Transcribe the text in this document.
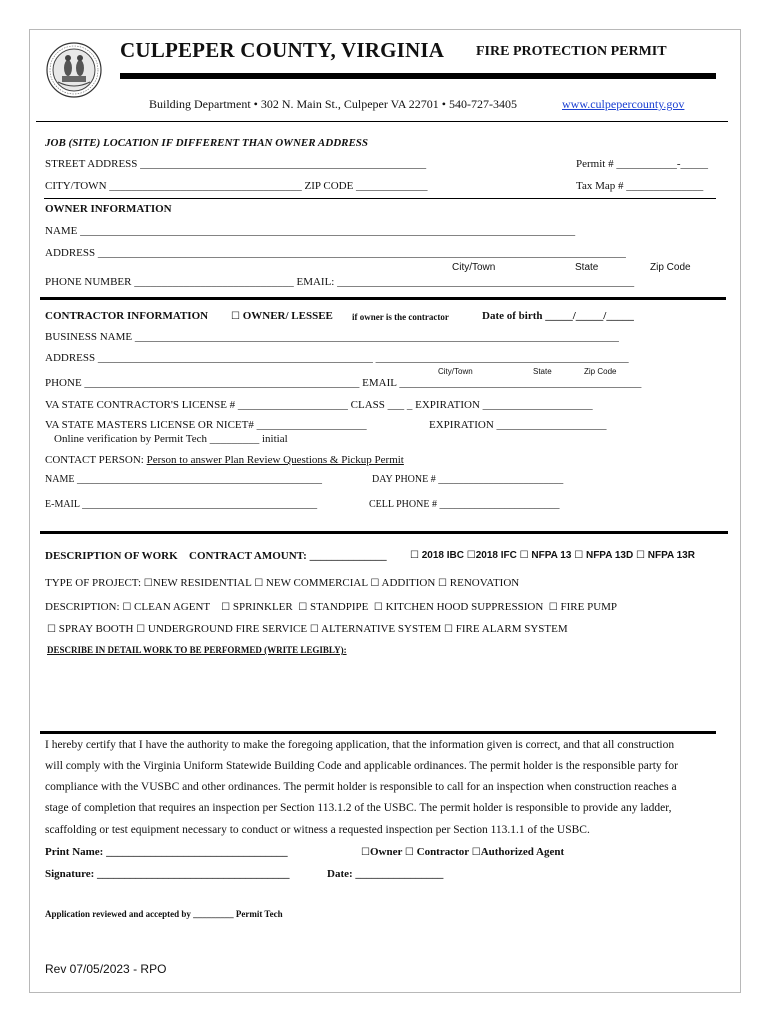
CULPEPER COUNTY, VIRGINIA FIRE PROTECTION PERMIT
Building Department • 302 N. Main St., Culpeper VA 22701 • 540-727-3405	www.culpepercounty.gov
JOB (SITE) LOCATION IF DIFFERENT THAN OWNER ADDRESS
STREET ADDRESS ____________________________________________________	Permit # ___________-_____
CITY/TOWN ___________________________________ ZIP CODE _____________	Tax Map # ______________
OWNER INFORMATION
NAME __________________________________________________________________________________________
ADDRESS ________________________________________________________________________________________________
City/Town	State	Zip Code
PHONE NUMBER _____________________________ EMAIL: ______________________________________________________
CONTRACTOR INFORMATION ☐ OWNER/ LESSEE if owner is the contractor	Date of birth _____/_____/_____
BUSINESS NAME ________________________________________________________________________________________
ADDRESS __________________________________________________ ______________________________________________
City/Town	State	Zip Code
PHONE __________________________________________________ EMAIL ____________________________________________
VA STATE CONTRACTOR'S LICENSE # ____________________ CLASS ___ _ EXPIRATION ____________________
VA STATE MASTERS LICENSE OR NICET# ____________________	EXPIRATION ____________________
Online verification by Permit Tech _________ initial
CONTACT PERSON: Person to answer Plan Review Questions & Pickup Permit
NAME _________________________________________________	DAY PHONE # _________________________
E-MAIL _______________________________________________	CELL PHONE # ________________________
DESCRIPTION OF WORK CONTRACT AMOUNT: ______________ ☐ 2018 IBC ☐2018 IFC ☐ NFPA 13 ☐ NFPA 13D ☐ NFPA 13R
TYPE OF PROJECT: ☐NEW RESIDENTIAL ☐ NEW COMMERCIAL ☐ ADDITION ☐ RENOVATION
DESCRIPTION: ☐ CLEAN AGENT ☐ SPRINKLER ☐ STANDPIPE ☐ KITCHEN HOOD SUPPRESSION ☐ FIRE PUMP
☐ SPRAY BOOTH ☐ UNDERGROUND FIRE SERVICE ☐ ALTERNATIVE SYSTEM ☐ FIRE ALARM SYSTEM
DESCRIBE IN DETAIL WORK TO BE PERFORMED (WRITE LEGIBLY):
I hereby certify that I have the authority to make the foregoing application, that the information given is correct, and that all construction
will comply with the Virginia Uniform Statewide Building Code and applicable ordinances. The permit holder is the responsible party for
compliance with the VUSBC and other ordinances. The permit holder is responsible to call for an inspection when construction reaches a
stage of completion that requires an inspection per Section 113.1.2 of the USBC. The permit holder is responsible to provide any ladder,
scaffolding or test equipment necessary to conduct or witness a requested inspection per Section 113.1.1 of the USBC.
Print Name: _________________________________	☐Owner ☐ Contractor ☐Authorized Agent
Signature: ___________________________________	Date: ________________
Application reviewed and accepted by _________ Permit Tech
Rev 07/05/2023 - RPO
